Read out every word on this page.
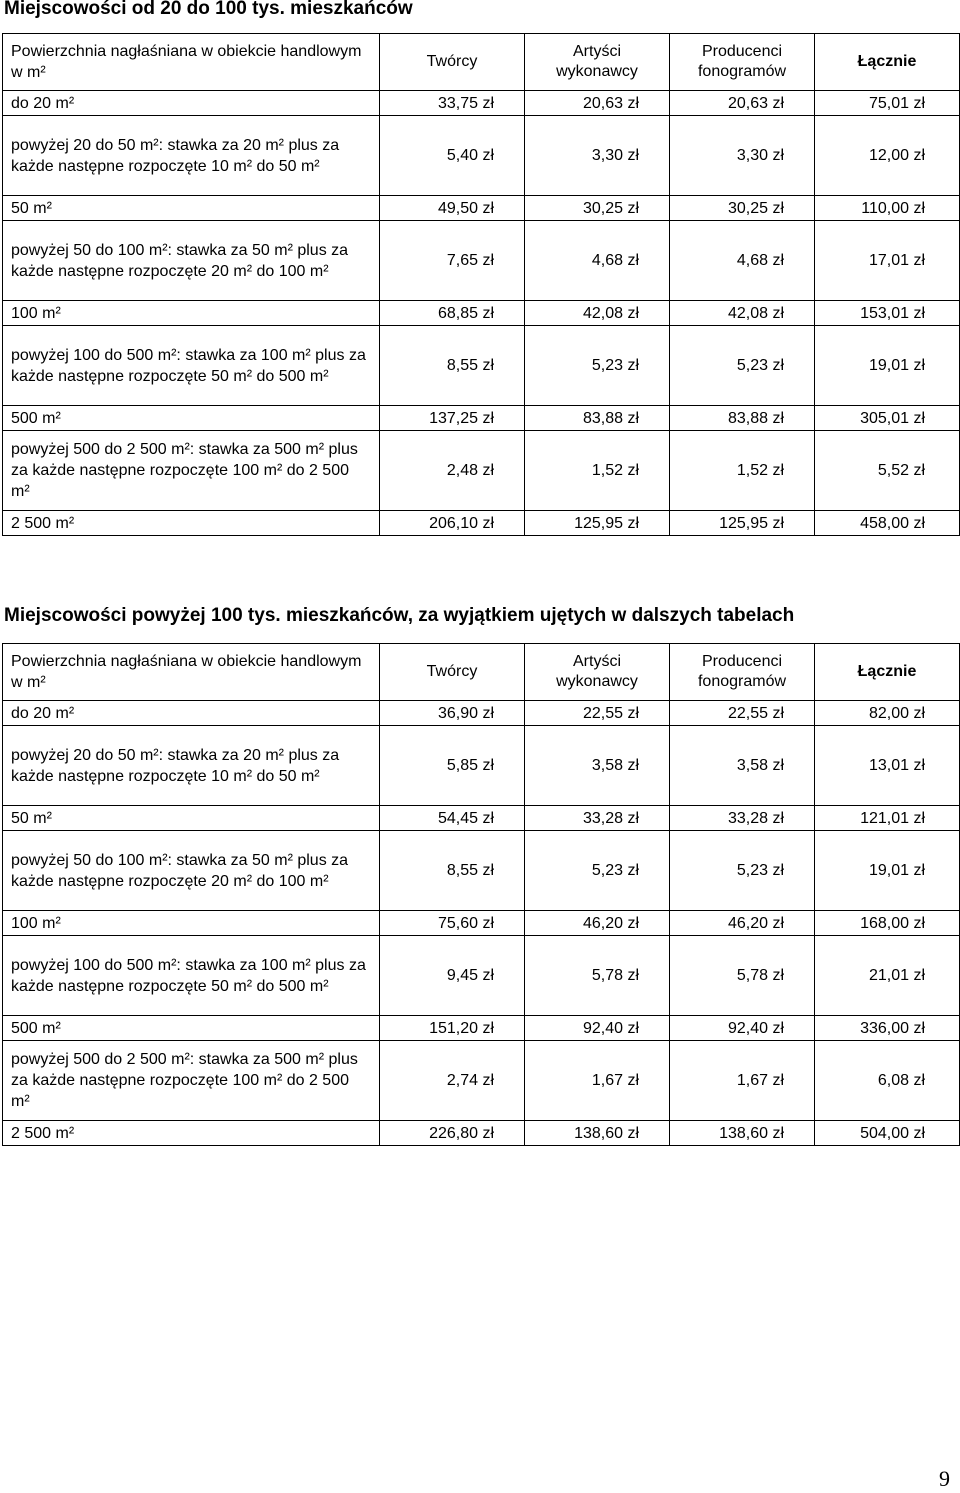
Miejscowości od 20 do 100 tys. mieszkańców
Powierzchnia nagłaśniana w obiekcie handlowym w m²	Twórcy	Artyści wykonawcy	Producenci fonogramów	Łącznie
do 20 m²	33,75 zł	20,63 zł	20,63 zł	75,01 zł
powyżej 20 do 50 m²: stawka za 20 m² plus za każde następne rozpoczęte 10 m² do 50 m²	5,40 zł	3,30 zł	3,30 zł	12,00 zł
50 m²	49,50 zł	30,25 zł	30,25 zł	110,00 zł
powyżej 50 do 100 m²: stawka za 50 m² plus za każde następne rozpoczęte 20 m² do 100 m²	7,65 zł	4,68 zł	4,68 zł	17,01 zł
100 m²	68,85 zł	42,08 zł	42,08 zł	153,01 zł
powyżej 100 do 500 m²: stawka za 100 m² plus za każde następne rozpoczęte 50 m² do 500 m²	8,55 zł	5,23 zł	5,23 zł	19,01 zł
500 m²	137,25 zł	83,88 zł	83,88 zł	305,01 zł
powyżej 500 do 2 500 m²: stawka za 500 m² plus za każde następne rozpoczęte 100 m² do 2 500 m²	2,48 zł	1,52 zł	1,52 zł	5,52 zł
2 500 m²	206,10 zł	125,95 zł	125,95 zł	458,00 zł
Miejscowości powyżej 100 tys. mieszkańców, za wyjątkiem ujętych w dalszych tabelach
Powierzchnia nagłaśniana w obiekcie handlowym w m²	Twórcy	Artyści wykonawcy	Producenci fonogramów	Łącznie
do 20 m²	36,90 zł	22,55 zł	22,55 zł	82,00 zł
powyżej 20 do 50 m²: stawka za 20 m² plus za każde następne rozpoczęte 10 m² do 50 m²	5,85 zł	3,58 zł	3,58 zł	13,01 zł
50 m²	54,45 zł	33,28 zł	33,28 zł	121,01 zł
powyżej 50 do 100 m²: stawka za 50 m² plus za każde następne rozpoczęte 20 m² do 100 m²	8,55 zł	5,23 zł	5,23 zł	19,01 zł
100 m²	75,60 zł	46,20 zł	46,20 zł	168,00 zł
powyżej 100 do 500 m²: stawka za 100 m² plus za każde następne rozpoczęte 50 m² do 500 m²	9,45 zł	5,78 zł	5,78 zł	21,01 zł
500 m²	151,20 zł	92,40 zł	92,40 zł	336,00 zł
powyżej 500 do 2 500 m²: stawka za 500 m² plus za każde następne rozpoczęte 100 m² do 2 500 m²	2,74 zł	1,67 zł	1,67 zł	6,08 zł
2 500 m²	226,80 zł	138,60 zł	138,60 zł	504,00 zł
9
